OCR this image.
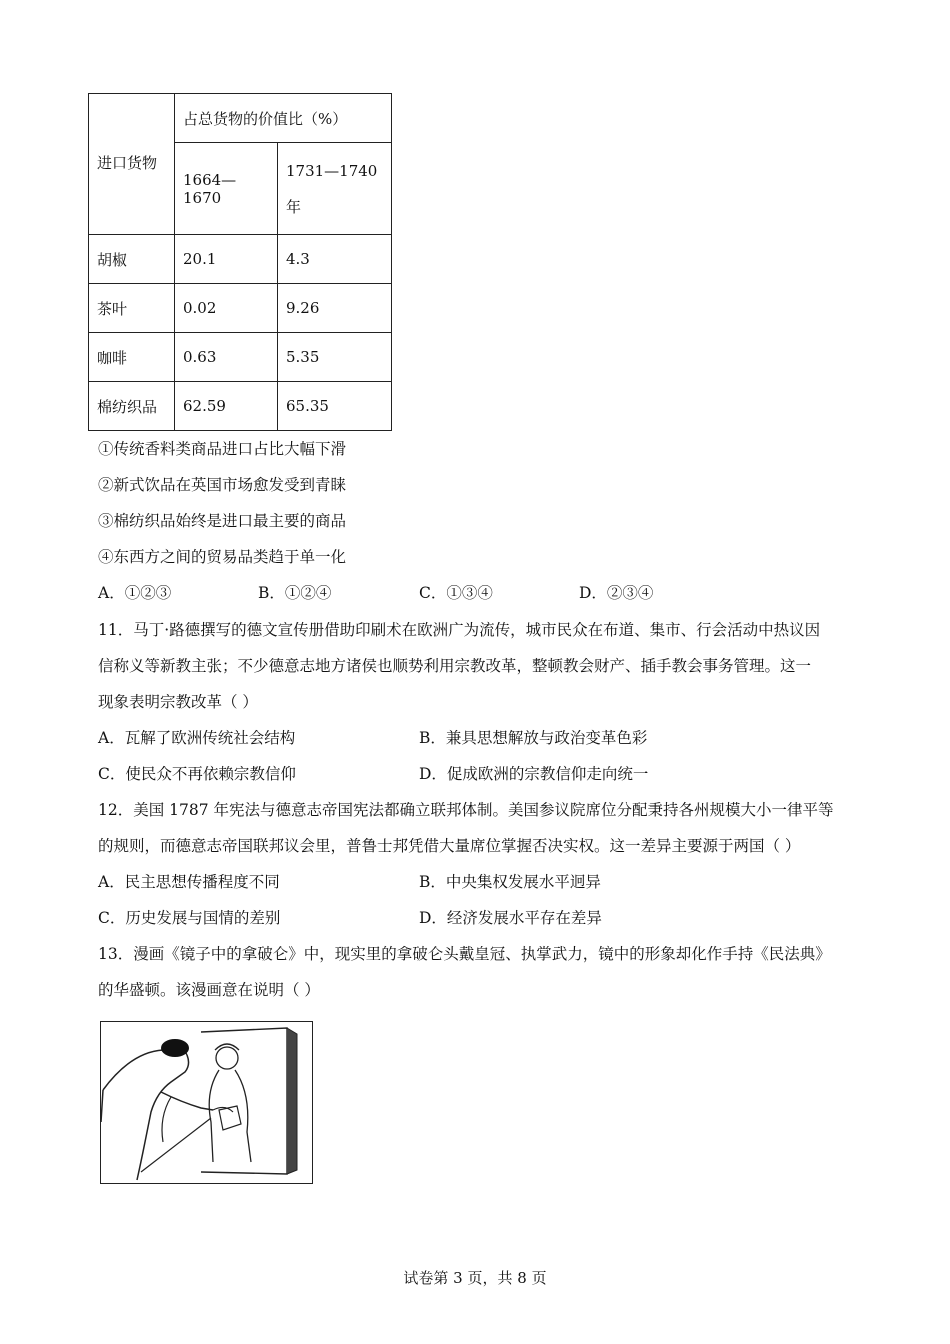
进口货物	占总货物的价值比（%）	
	1664—1670	1731—1740
年
胡椒	20.1	4.3
茶叶	0.02	9.26
咖啡	0.63	5.35
棉纺织品	62.59	65.35
①传统香料类商品进口占比大幅下滑
②新式饮品在英国市场愈发受到青睐
③棉纺织品始终是进口最主要的商品
④东西方之间的贸易品类趋于单一化
A．①②③	B．①②④	C．①③④	D．②③④
11．马丁·路德撰写的德文宣传册借助印刷术在欧洲广为流传，城市民众在布道、集市、行会活动中热议因
信称义等新教主张；不少德意志地方诸侯也顺势利用宗教改革，整顿教会财产、插手教会事务管理。这一
现象表明宗教改革（ ）
A．瓦解了欧洲传统社会结构	B．兼具思想解放与政治变革色彩
C．使民众不再依赖宗教信仰	D．促成欧洲的宗教信仰走向统一
12．美国 1787 年宪法与德意志帝国宪法都确立联邦体制。美国参议院席位分配秉持各州规模大小一律平等
的规则，而德意志帝国联邦议会里，普鲁士邦凭借大量席位掌握否决实权。这一差异主要源于两国（ ）
A．民主思想传播程度不同	B．中央集权发展水平迥异
C．历史发展与国情的差别	D．经济发展水平存在差异
13．漫画《镜子中的拿破仑》中，现实里的拿破仑头戴皇冠、执掌武力，镜中的形象却化作手持《民法典》
的华盛顿。该漫画意在说明（ ）
试卷第 3 页，共 8 页
